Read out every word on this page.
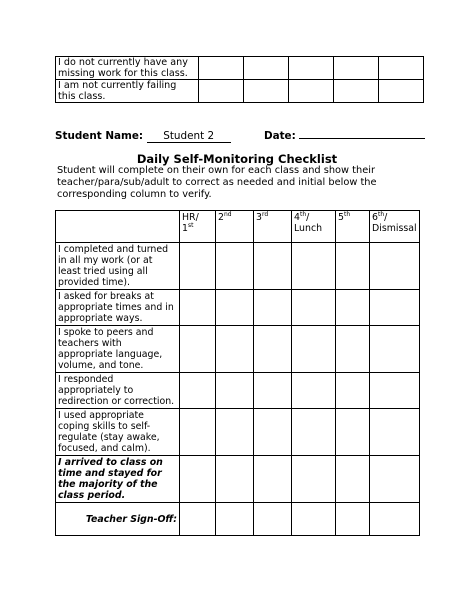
I do not currently have any missing work for this class.					
I am not currently failing this class.					
Student Name: Student 2	Date:
Daily Self-Monitoring Checklist
Student will complete on their own for each class and show their teacher/para/sub/adult to correct as needed and initial below the corresponding column to verify.
	HR/ 1st	2nd	3rd	4th/ Lunch	5th	6th/ Dismissal
I completed and turned in all my work (or at least tried using all provided time).						
I asked for breaks at appropriate times and in appropriate ways.						
I spoke to peers and teachers with appropriate language, volume, and tone.						
I responded appropriately to redirection or correction.						
I used appropriate coping skills to self-regulate (stay awake, focused, and calm).						
I arrived to class on time and stayed for the majority of the class period.						
Teacher Sign-Off:						
